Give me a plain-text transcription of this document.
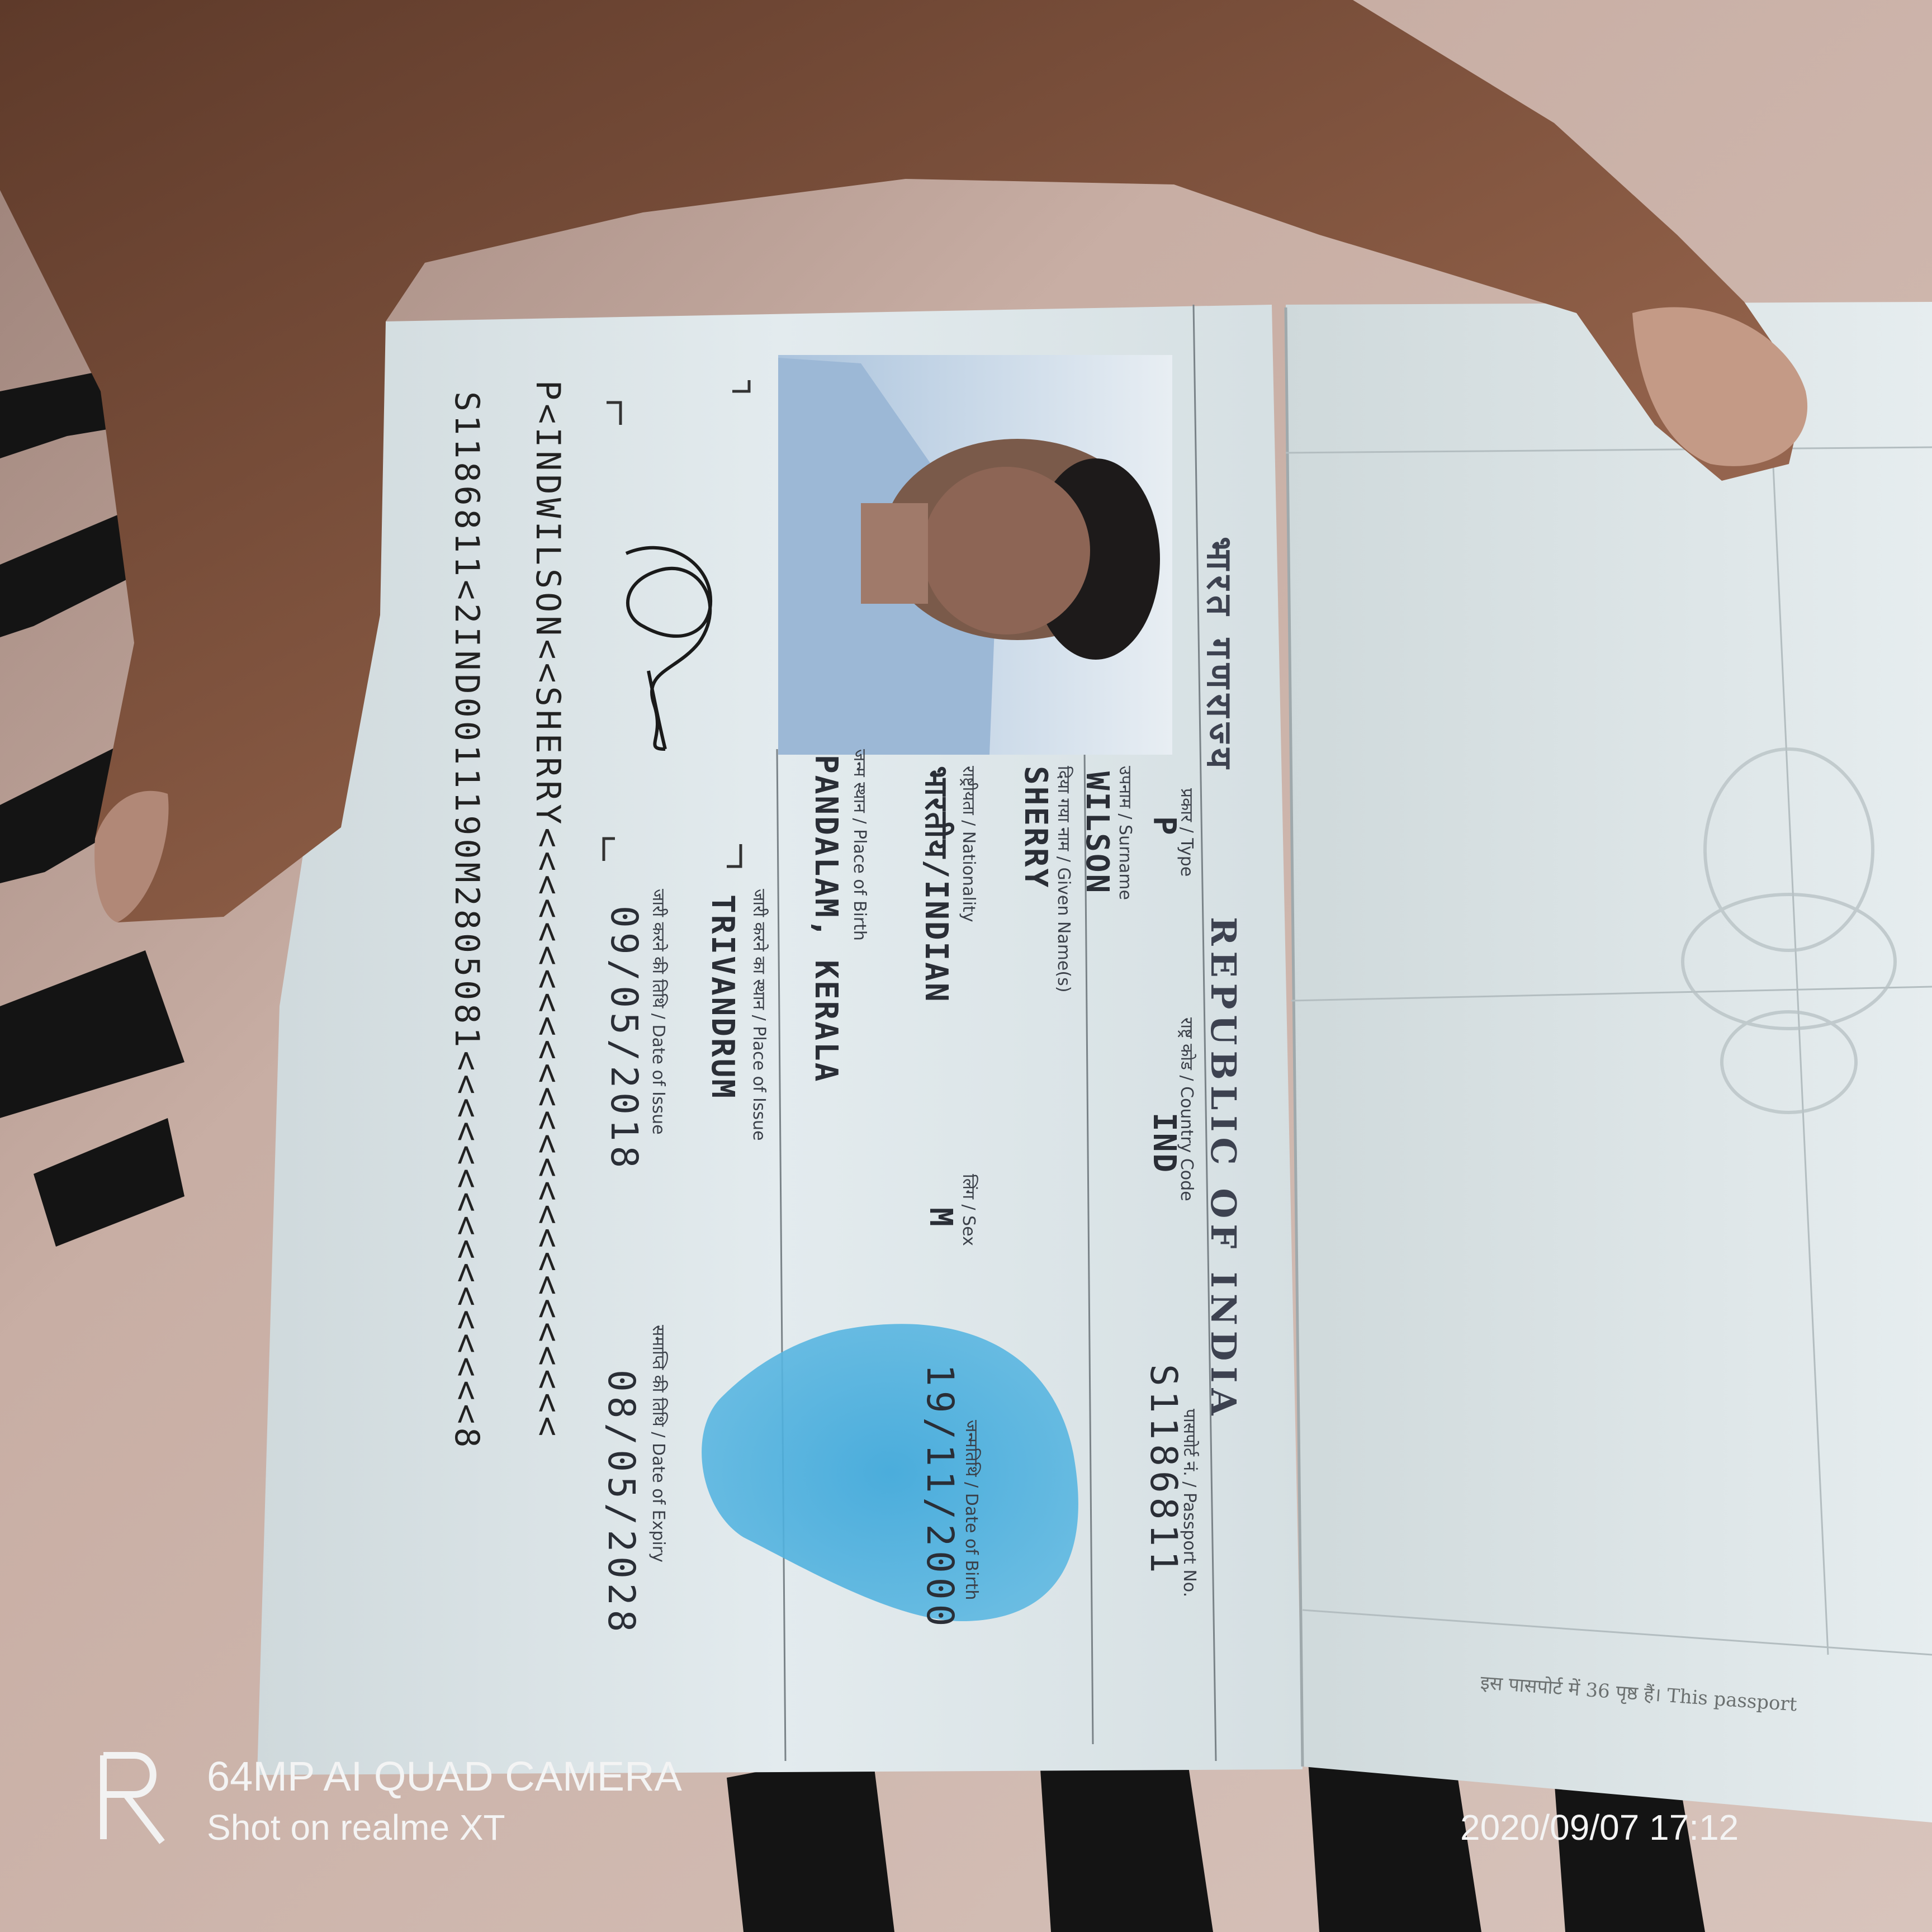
भारत गणराज्य
REPUBLIC OF INDIA
प्रकार / Type
P
राष्ट्र कोड / Country Code
IND
पासपोर्ट नं. / Passport No.
S1186811
उपनाम / Surname
WILSON
दिया गया नाम / Given Name(s)
SHERRY
राष्ट्रीयता / Nationality
भारतीय/INDIAN
लिंग / Sex
M
जन्मतिथि / Date of Birth
19/11/2000
जन्म स्थान / Place of Birth
PANDALAM, KERALA
जारी करने का स्थान / Place of Issue
TRIVANDRUM
जारी करने की तिथि / Date of Issue
09/05/2018
समाप्ति की तिथि / Date of Expiry
08/05/2028
P<INDWILSON<<SHERRY<<<<<<<<<<<<<<<<<<<<<<<<<<
S1186811<2IND0011190M2805081<<<<<<<<<<<<<<<<8
इस पासपोर्ट में 36 पृष्ठ हैं। This passport
64MP AI QUAD CAMERA
Shot on realme XT	2020/09/07 17:12
